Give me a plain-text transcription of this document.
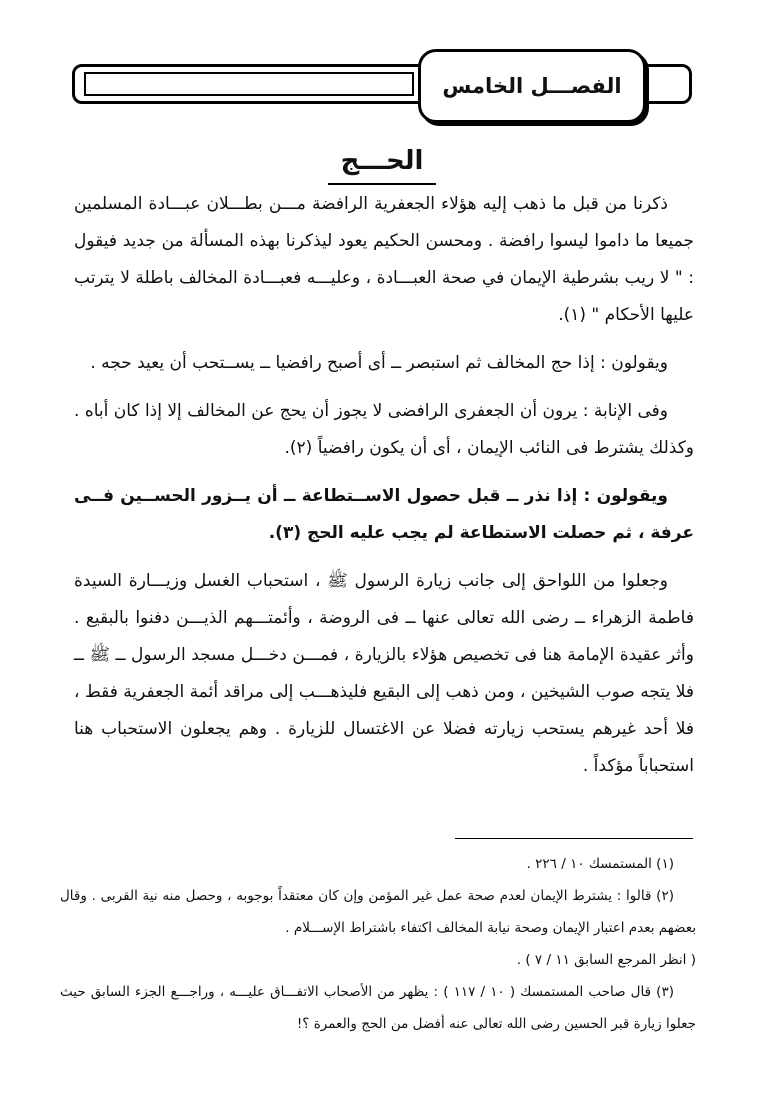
الفصـــل الخامس
الحـــج

ذكرنا من قبل ما ذهب إليه هؤلاء الجعفرية الرافضة مـــن بطـــلان عبـــادة المسلمين جميعا ما داموا ليسوا رافضة . ومحسن الحكيم يعود ليذكرنا بهذه المسألة من جديد فيقول : " لا ريب بشرطية الإيمان في صحة العبـــادة ، وعليـــه فعبـــادة المخالف باطلة لا يترتب عليها الأحكام " (١).

ويقولون : إذا حج المخالف ثم استبصر ــ أى أصبح رافضيا ــ يســتحب أن يعيد حجه .

وفى الإنابة : يرون أن الجعفرى الرافضى لا يجوز أن يحج عن المخالف إلا إذا كان أباه . وكذلك يشترط فى النائب الإيمان ، أى أن يكون رافضياً (٢).

ويقولون : إذا نذر ــ قبل حصول الاســتطاعة ــ أن يــزور الحســين فــى عرفة ، ثم حصلت الاستطاعة لم يجب عليه الحج (٣).

وجعلوا من اللواحق إلى جانب زيارة الرسول ﷺ ، استحباب الغسل وزيـــارة السيدة فاطمة الزهراء ــ رضى الله تعالى عنها ــ فى الروضة ، وأئمتـــهم الذيـــن دفنوا بالبقيع . وأثر عقيدة الإمامة هنا فى تخصيص هؤلاء بالزيارة ، فمـــن دخـــل مسجد الرسول ــ ﷺ ــ فلا يتجه صوب الشيخين ، ومن ذهب إلى البقيع فليذهـــب إلى مراقد أئمة الجعفرية فقط ، فلا أحد غيرهم يستحب زيارته فضلا عن الاغتسال للزيارة . وهم يجعلون الاستحباب هنا استحباباً مؤكداً .

(١) المستمسك ١٠ / ٢٢٦ .

(٢) قالوا : يشترط الإيمان لعدم صحة عمل غير المؤمن وإن كان معتقداً بوجوبه ، وحصل منه نية القربى . وقال بعضهم بعدم اعتبار الإيمان وصحة نيابة المخالف اكتفاء باشتراط الإســـلام .

( انظر المرجع السابق ١١ / ٧ ) .

(٣) قال صاحب المستمسك ( ١٠ / ١١٧ ) : يظهر من الأصحاب الاتفـــاق عليـــه ، وراجـــع الجزء السابق حيث جعلوا زيارة قبر الحسين رضى الله تعالى عنه أفضل من الحج والعمرة ؟!
